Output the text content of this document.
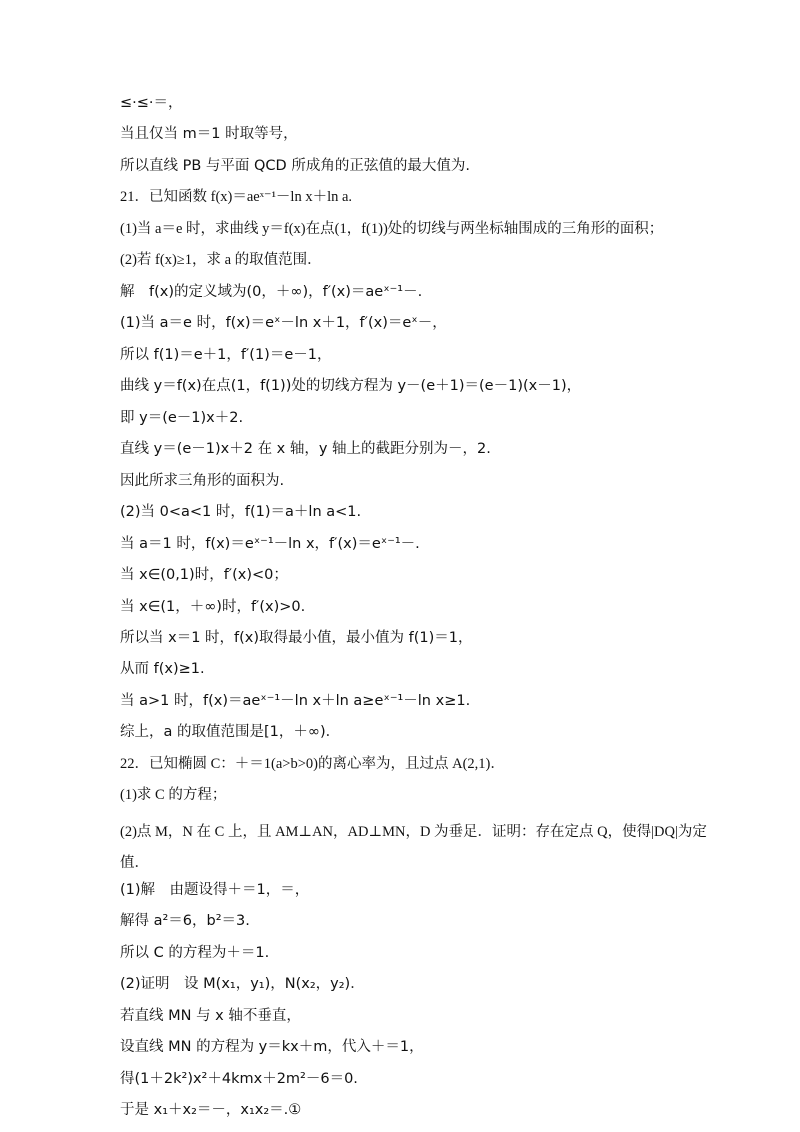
≤·≤·＝，
当且仅当 m＝1 时取等号，
所以直线 PB 与平面 QCD 所成角的正弦值的最大值为.
21．已知函数 f(x)＝aeˣ⁻¹－ln x＋ln a.
(1)当 a＝e 时，求曲线 y＝f(x)在点(1，f(1))处的切线与两坐标轴围成的三角形的面积；
(2)若 f(x)≥1，求 a 的取值范围．
解　f(x)的定义域为(0，＋∞)，f′(x)＝aeˣ⁻¹－.
(1)当 a＝e 时，f(x)＝eˣ－ln x＋1，f′(x)＝eˣ－，
所以 f(1)＝e＋1，f′(1)＝e－1，
曲线 y＝f(x)在点(1，f(1))处的切线方程为 y－(e＋1)＝(e－1)(x－1)，
即 y＝(e－1)x＋2.
直线 y＝(e－1)x＋2 在 x 轴，y 轴上的截距分别为－，2.
因此所求三角形的面积为.
(2)当 0<a<1 时，f(1)＝a＋ln a<1.
当 a＝1 时，f(x)＝eˣ⁻¹－ln x，f′(x)＝eˣ⁻¹－.
当 x∈(0,1)时，f′(x)<0；
当 x∈(1，＋∞)时，f′(x)>0.
所以当 x＝1 时，f(x)取得最小值，最小值为 f(1)＝1，
从而 f(x)≥1.
当 a>1 时，f(x)＝aeˣ⁻¹－ln x＋ln a≥eˣ⁻¹－ln x≥1.
综上，a 的取值范围是[1，＋∞)．
22．已知椭圆 C：＋＝1(a>b>0)的离心率为，且过点 A(2,1)．
(1)求 C 的方程；
(2)点 M，N 在 C 上，且 AM⊥AN，AD⊥MN，D 为垂足．证明：存在定点 Q，使得|DQ|为定值．
(1)解　由题设得＋＝1，＝，
解得 a²＝6，b²＝3.
所以 C 的方程为＋＝1.
(2)证明　设 M(x₁，y₁)，N(x₂，y₂)．
若直线 MN 与 x 轴不垂直，
设直线 MN 的方程为 y＝kx＋m，代入＋＝1，
得(1＋2k²)x²＋4kmx＋2m²－6＝0.
于是 x₁＋x₂＝－，x₁x₂＝.①
